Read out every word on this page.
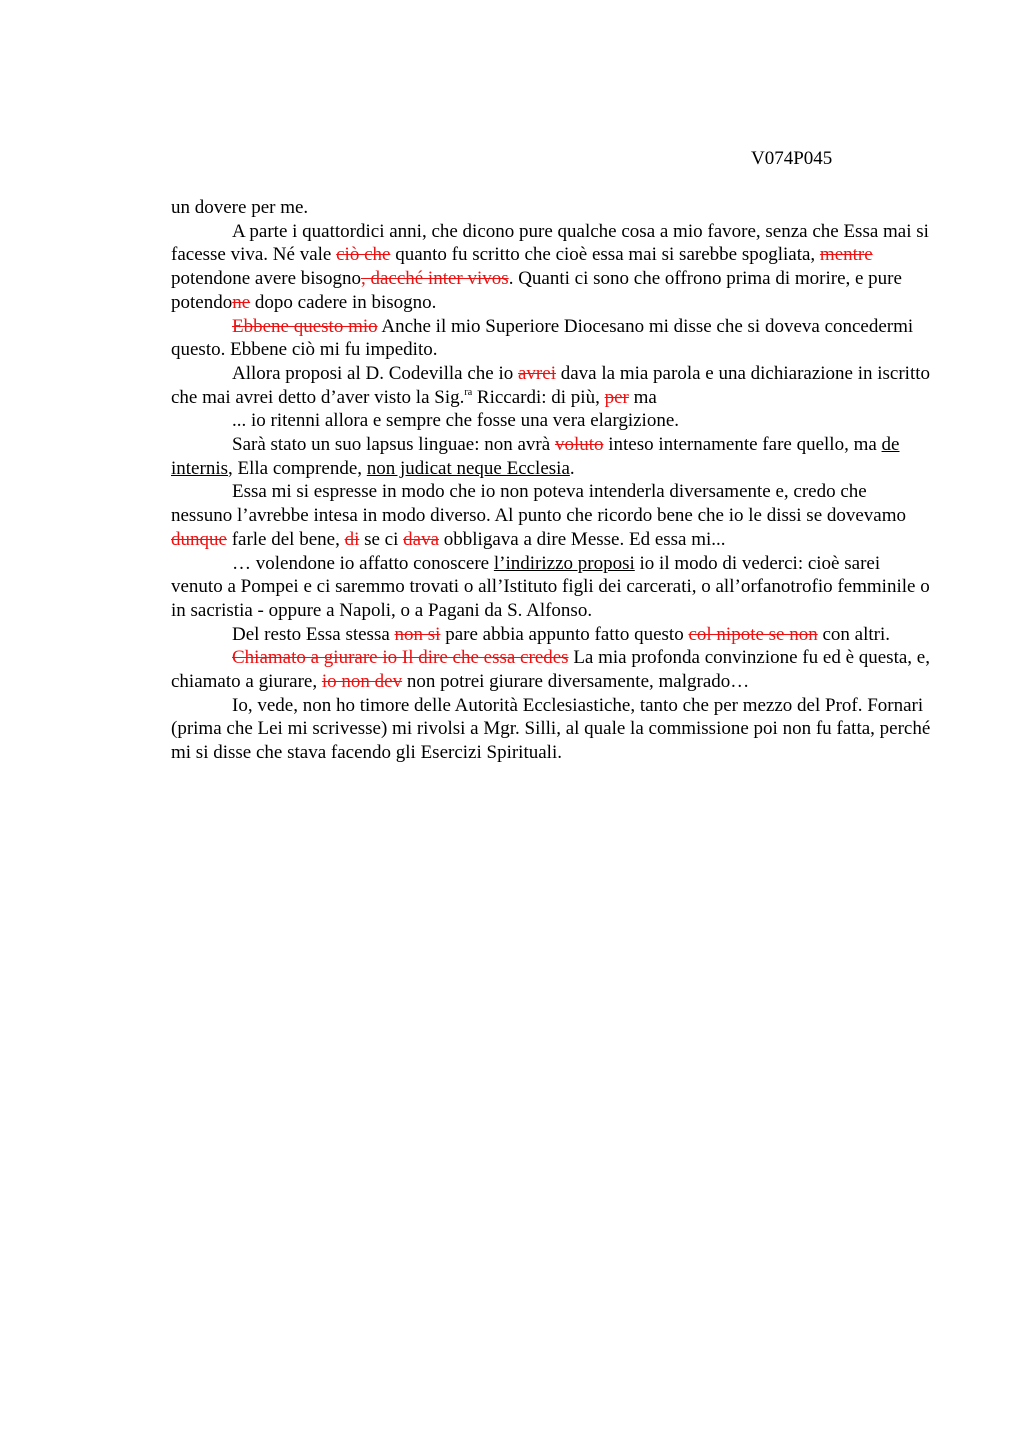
V074P045

un dovere per me.

A parte i quattordici anni, che dicono pure qualche cosa a mio favore, senza che Essa mai si facesse viva. Né vale ciò che quanto fu scritto che cioè essa mai si sarebbe spogliata, mentre potendone avere bisogno, dacché inter vivos. Quanti ci sono che offrono prima di morire, e pure potendone dopo cadere in bisogno.

Ebbene questo mio Anche il mio Superiore Diocesano mi disse che si doveva concedermi questo. Ebbene ciò mi fu impedito.

Allora proposi al D. Codevilla che io avrei dava la mia parola e una dichiarazione in iscritto che mai avrei detto d’aver visto la Sig.$^{ra}$ Riccardi: di più, per ma

... io ritenni allora e sempre che fosse una vera elargizione.

Sarà stato un suo lapsus linguae: non avrà voluto inteso internamente fare quello, ma de internis, Ella comprende, non judicat neque Ecclesia.

Essa mi si espresse in modo che io non poteva intenderla diversamente e, credo che nessuno l’avrebbe intesa in modo diverso. Al punto che ricordo bene che io le dissi se dovevamo dunque farle del bene, di se ci dava obbligava a dire Messe. Ed essa mi...

… volendone io affatto conoscere l’indirizzo proposi io il modo di vederci: cioè sarei venuto a Pompei e ci saremmo trovati o all’Istituto figli dei carcerati, o all’orfanotrofio femminile o in sacristia - oppure a Napoli, o a Pagani da S. Alfonso.

Del resto Essa stessa non si pare abbia appunto fatto questo col nipote se non con altri.

Chiamato a giurare io Il dire che essa credes La mia profonda convinzione fu ed è questa, e, chiamato a giurare, io non dev non potrei giurare diversamente, malgrado…

Io, vede, non ho timore delle Autorità Ecclesiastiche, tanto che per mezzo del Prof. Fornari (prima che Lei mi scrivesse) mi rivolsi a Mgr. Silli, al quale la commissione poi non fu fatta, perché mi si disse che stava facendo gli Esercizi Spirituali.
